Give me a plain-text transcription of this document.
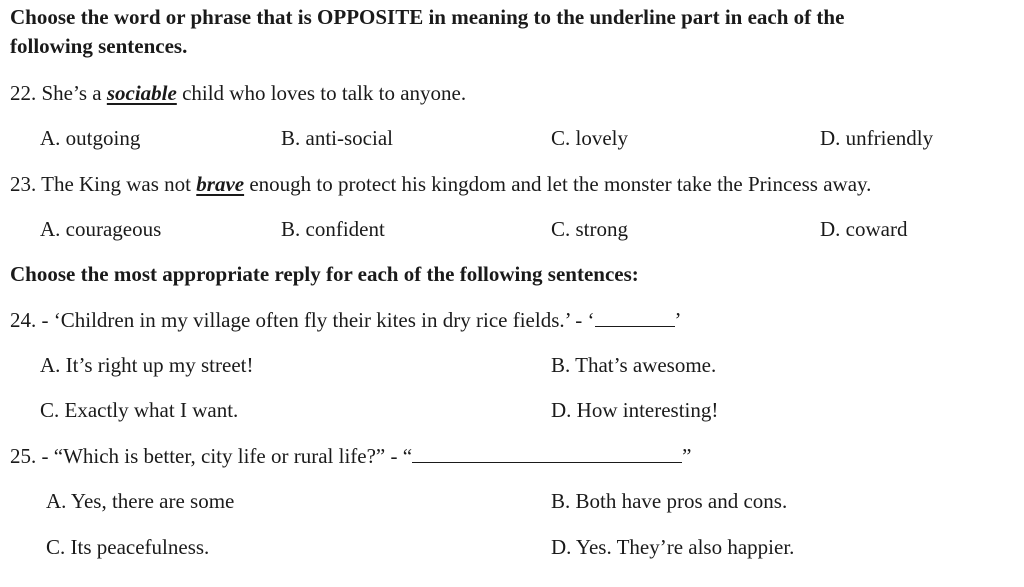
Choose the word or phrase that is OPPOSITE in meaning to the underline part in each of the
following sentences.
22. She’s a sociable child who loves to talk to anyone.
A. outgoing	B. anti-social	C. lovely	D. unfriendly
23. The King was not brave enough to protect his kingdom and let the monster take the Princess away.
A. courageous	B. confident	C. strong	D. coward
Choose the most appropriate reply for each of the following sentences:
24. - ‘Children in my village often fly their kites in dry rice fields.’ - ‘	’
A. It’s right up my street!	B. That’s awesome.
C. Exactly what I want.	D. How interesting!
25. - “Which is better, city life or rural life?” - “	”
A. Yes, there are some	B. Both have pros and cons.
C. Its peacefulness.	D. Yes. They’re also happier.
